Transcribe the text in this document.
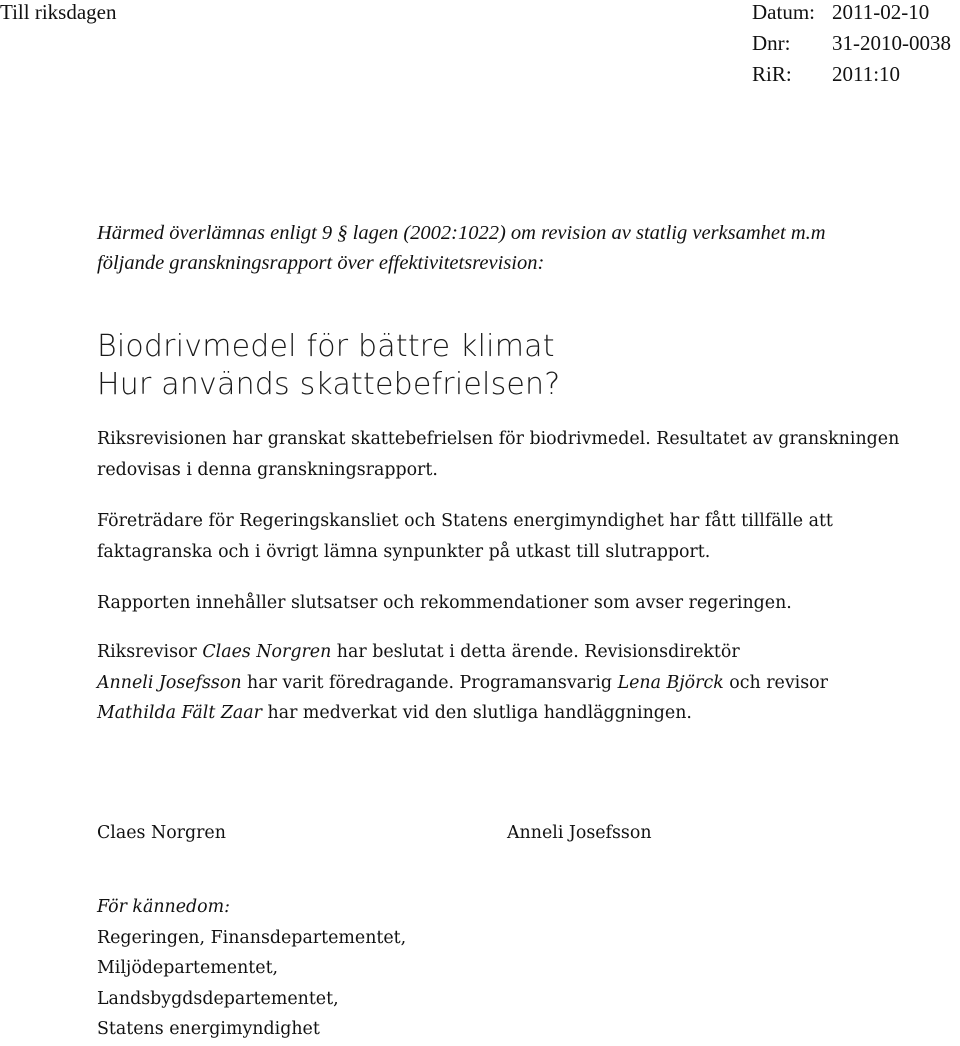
Till riksdagen	Datum: 2011-02-10
Dnr: 31-2010-0038
RiR: 2011:10

Härmed överlämnas enligt 9 § lagen (2002:1022) om revision av statlig verksamhet m.m
följande granskningsrapport över effektivitetsrevision:

Biodrivmedel för bättre klimat
Hur används skattebefrielsen?

Riksrevisionen har granskat skattebefrielsen för biodrivmedel. Resultatet av granskningen redovisas i denna granskningsrapport.

Företrädare för Regeringskansliet och Statens energimyndighet har fått tillfälle att faktagranska och i övrigt lämna synpunkter på utkast till slutrapport.

Rapporten innehåller slutsatser och rekommendationer som avser regeringen.

Riksrevisor Claes Norgren har beslutat i detta ärende. Revisionsdirektör
Anneli Josefsson har varit föredragande. Programansvarig Lena Björck och revisor
Mathilda Fält Zaar har medverkat vid den slutliga handläggningen.

Claes Norgren	Anneli Josefsson
För kännedom:
Regeringen, Finansdepartementet,
Miljödepartementet,
Landsbygdsdepartementet,
Statens energimyndighet
